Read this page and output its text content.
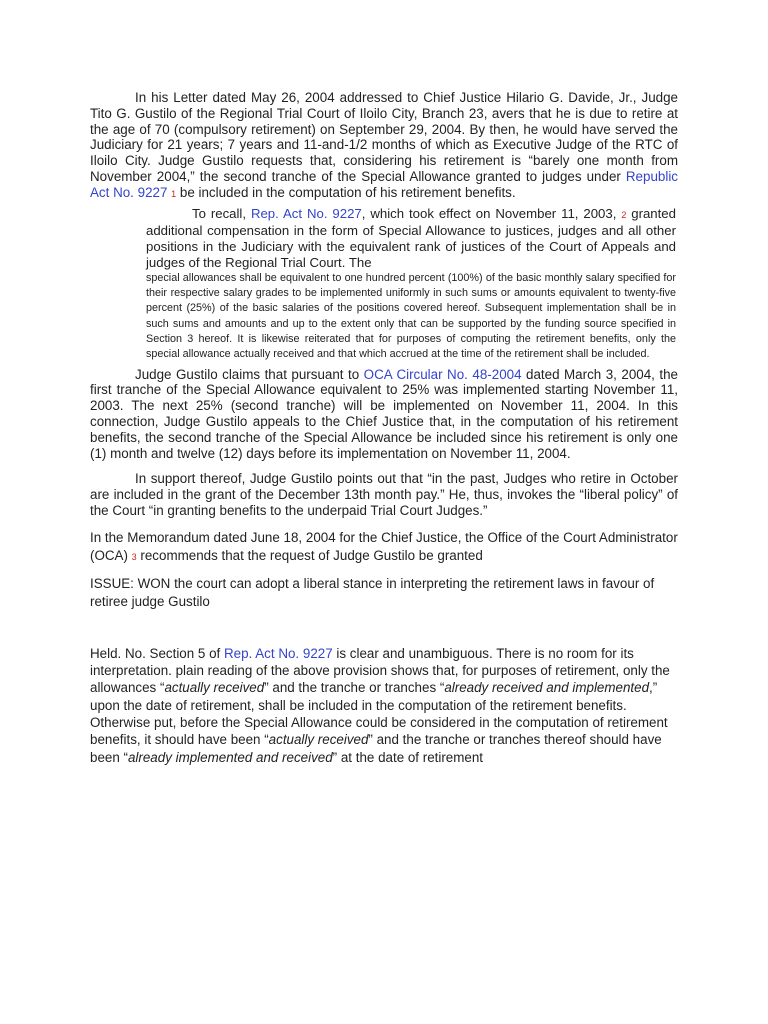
In his Letter dated May 26, 2004 addressed to Chief Justice Hilario G. Davide, Jr., Judge Tito G. Gustilo of the Regional Trial Court of Iloilo City, Branch 23, avers that he is due to retire at the age of 70 (compulsory retirement) on September 29, 2004. By then, he would have served the Judiciary for 21 years; 7 years and 11-and-1/2 months of which as Executive Judge of the RTC of Iloilo City. Judge Gustilo requests that, considering his retirement is “barely one month from November 2004,” the second tranche of the Special Allowance granted to judges under Republic Act No. 9227 1 be included in the computation of his retirement benefits.

To recall, Rep. Act No. 9227, which took effect on November 11, 2003, 2 granted additional compensation in the form of Special Allowance to justices, judges and all other positions in the Judiciary with the equivalent rank of justices of the Court of Appeals and judges of the Regional Trial Court. The

special allowances shall be equivalent to one hundred percent (100%) of the basic monthly salary specified for their respective salary grades to be implemented uniformly in such sums or amounts equivalent to twenty-five percent (25%) of the basic salaries of the positions covered hereof. Subsequent implementation shall be in such sums and amounts and up to the extent only that can be supported by the funding source specified in Section 3 hereof. It is likewise reiterated that for purposes of computing the retirement benefits, only the special allowance actually received and that which accrued at the time of the retirement shall be included.

Judge Gustilo claims that pursuant to OCA Circular No. 48-2004 dated March 3, 2004, the first tranche of the Special Allowance equivalent to 25% was implemented starting November 11, 2003. The next 25% (second tranche) will be implemented on November 11, 2004. In this connection, Judge Gustilo appeals to the Chief Justice that, in the computation of his retirement benefits, the second tranche of the Special Allowance be included since his retirement is only one (1) month and twelve (12) days before its implementation on November 11, 2004.

In support thereof, Judge Gustilo points out that “in the past, Judges who retire in October are included in the grant of the December 13th month pay.” He, thus, invokes the “liberal policy” of the Court “in granting benefits to the underpaid Trial Court Judges.”

In the Memorandum dated June 18, 2004 for the Chief Justice, the Office of the Court Administrator (OCA) 3 recommends that the request of Judge Gustilo be granted

ISSUE: WON the court can adopt a liberal stance in interpreting the retirement laws in favour of retiree judge Gustilo

Held. No. Section 5 of Rep. Act No. 9227 is clear and unambiguous. There is no room for its interpretation. plain reading of the above provision shows that, for purposes of retirement, only the allowances “actually received” and the tranche or tranches “already received and implemented,” upon the date of retirement, shall be included in the computation of the retirement benefits. Otherwise put, before the Special Allowance could be considered in the computation of retirement benefits, it should have been “actually received” and the tranche or tranches thereof should have been “already implemented and received” at the date of retirement
